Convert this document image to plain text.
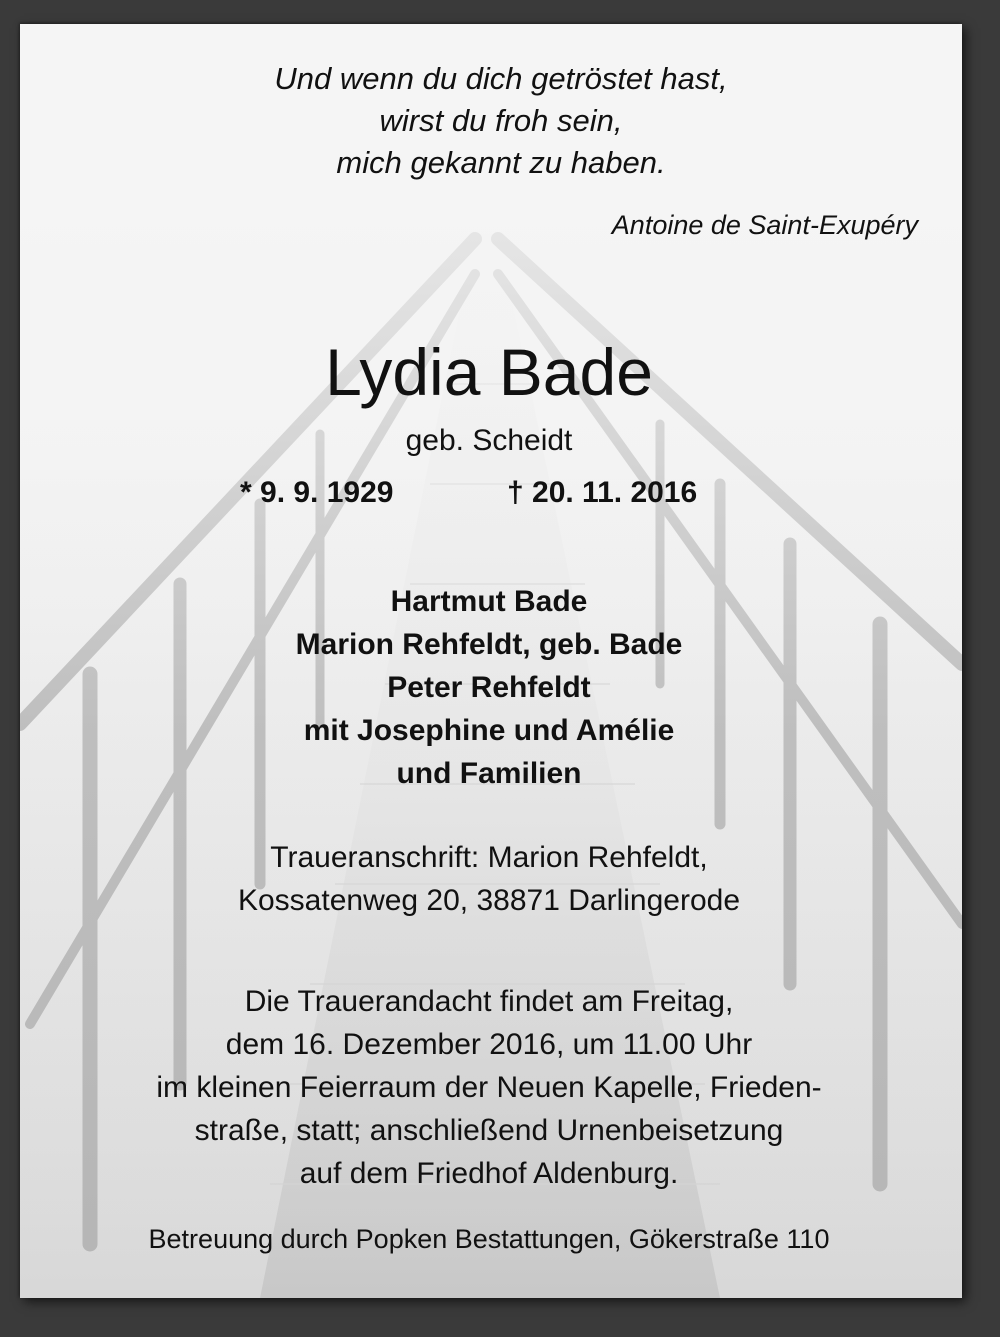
Und wenn du dich getröstet hast,
wirst du froh sein,
mich gekannt zu haben.
Antoine de Saint-Exupéry
Lydia Bade
geb. Scheidt
* 9. 9. 1929	† 20. 11. 2016
Hartmut Bade
Marion Rehfeldt, geb. Bade
Peter Rehfeldt
mit Josephine und Amélie
und Familien
Traueranschrift: Marion Rehfeldt,
Kossatenweg 20, 38871 Darlingerode
Die Trauerandacht findet am Freitag,
dem 16. Dezember 2016, um 11.00 Uhr
im kleinen Feierraum der Neuen Kapelle, Frieden-
straße, statt; anschließend Urnenbeisetzung
auf dem Friedhof Aldenburg.
Betreuung durch Popken Bestattungen, Gökerstraße 110
